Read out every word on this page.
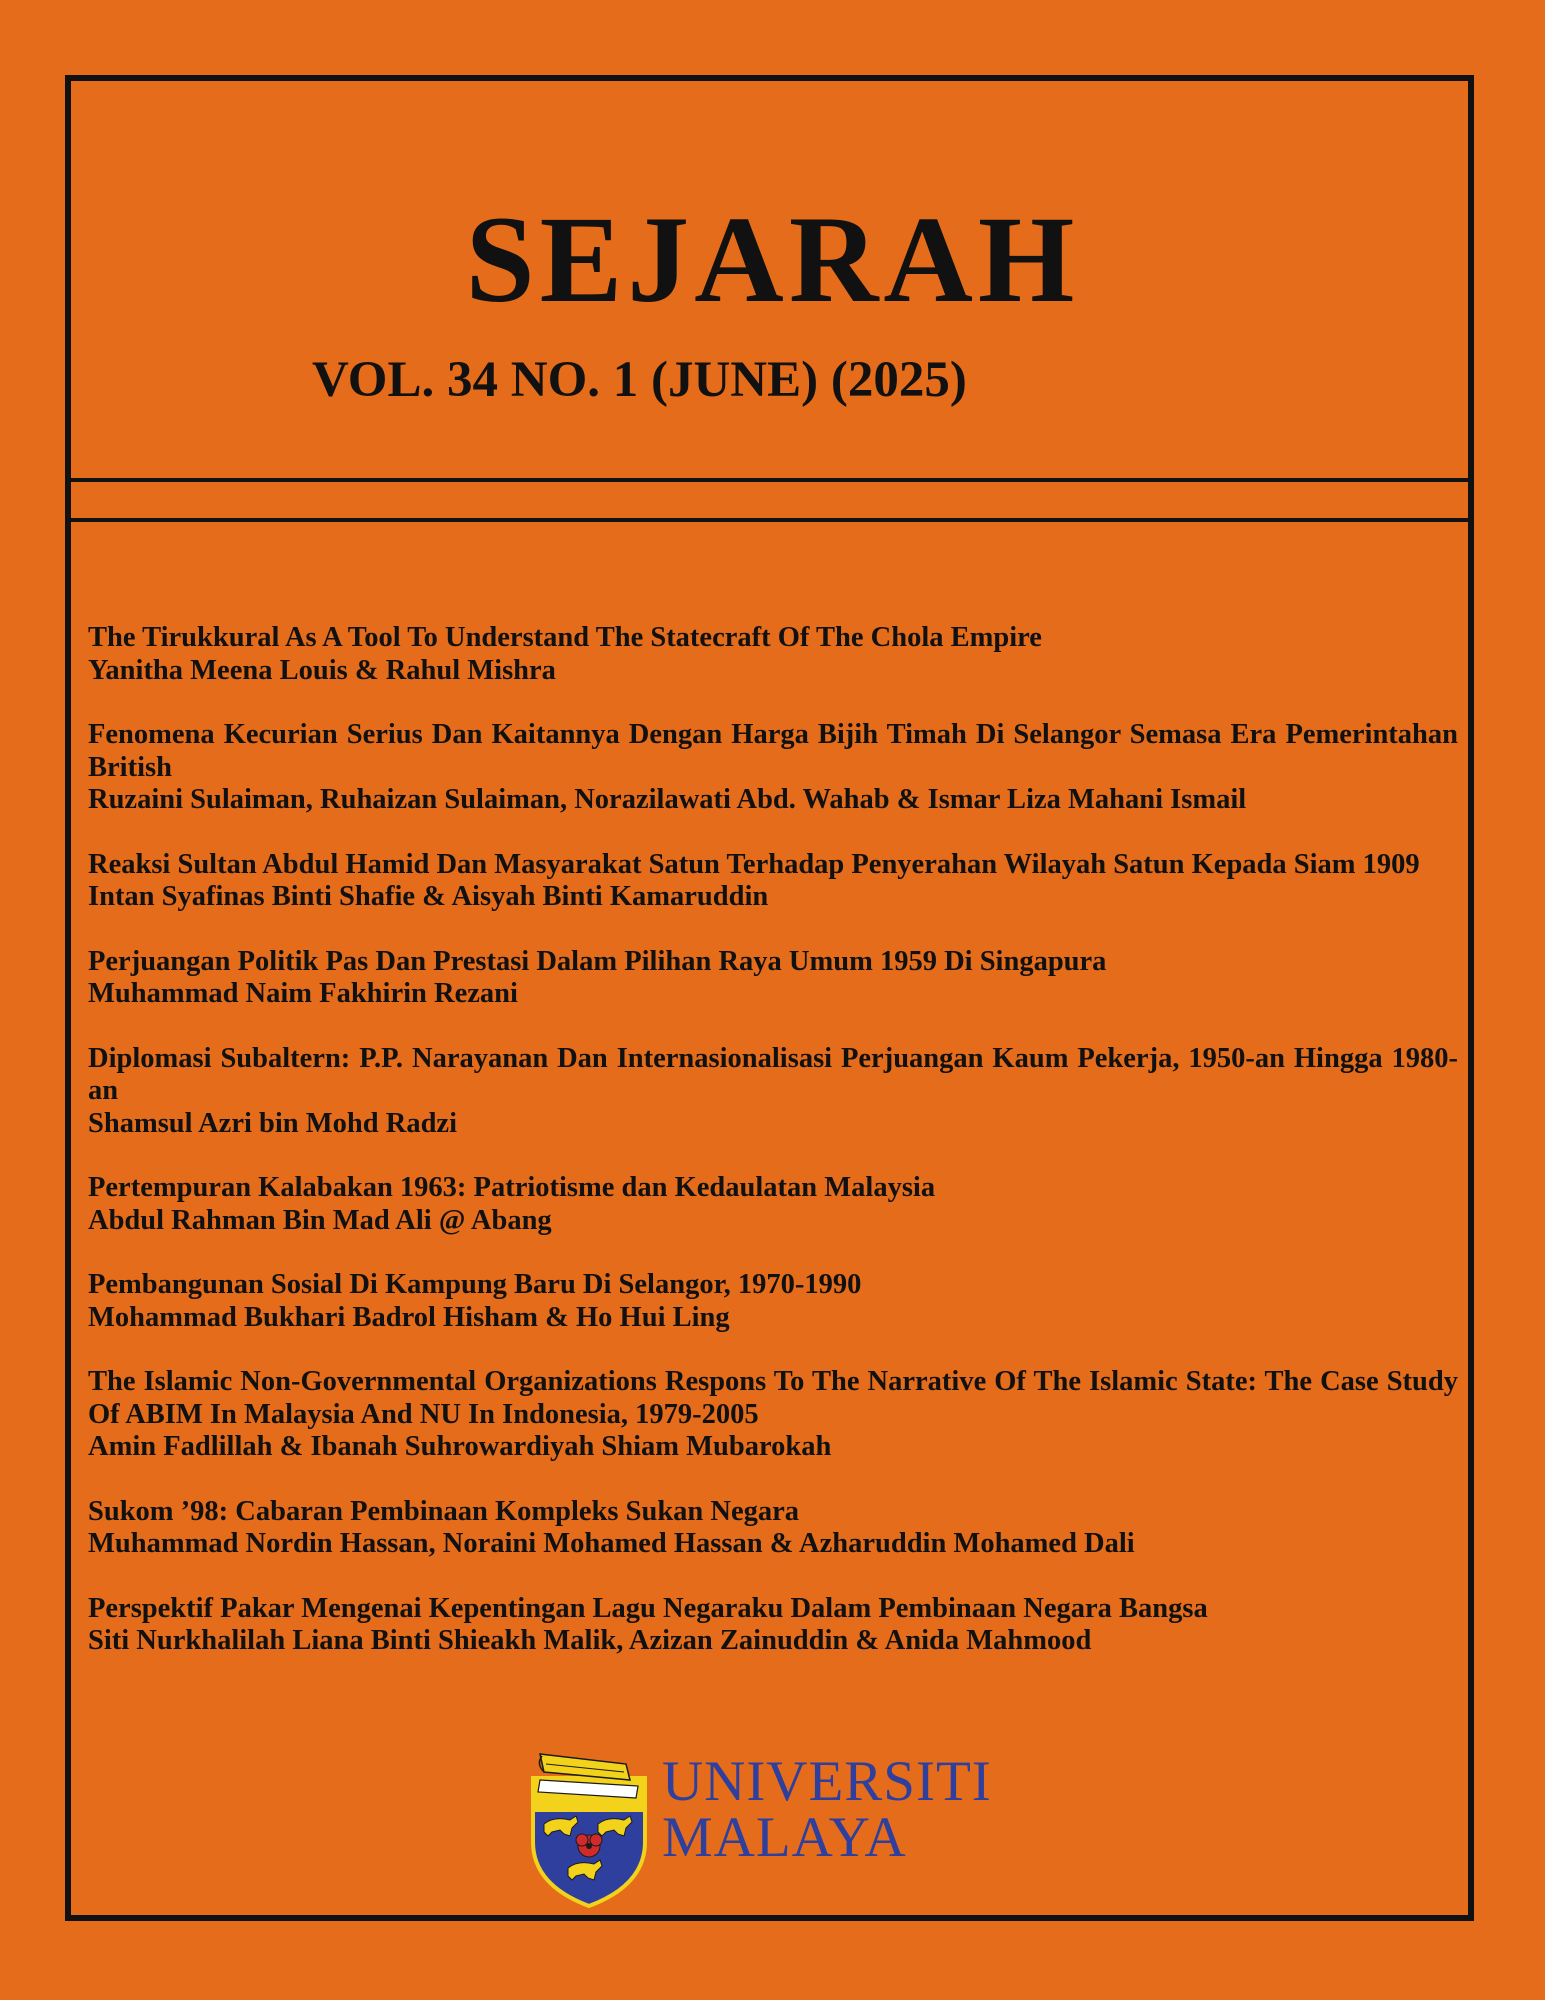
SEJARAH
VOL. 34 NO. 1 (JUNE) (2025)
The Tirukkural As A Tool To Understand The Statecraft Of The Chola Empire
Yanitha Meena Louis & Rahul Mishra
Fenomena Kecurian Serius Dan Kaitannya Dengan Harga Bijih Timah Di Selangor Semasa Era Pemerintahan British
Ruzaini Sulaiman, Ruhaizan Sulaiman, Norazilawati Abd. Wahab & Ismar Liza Mahani Ismail
Reaksi Sultan Abdul Hamid Dan Masyarakat Satun Terhadap Penyerahan Wilayah Satun Kepada Siam 1909
Intan Syafinas Binti Shafie & Aisyah Binti Kamaruddin
Perjuangan Politik Pas Dan Prestasi Dalam Pilihan Raya Umum 1959 Di Singapura
Muhammad Naim Fakhirin Rezani
Diplomasi Subaltern: P.P. Narayanan Dan Internasionalisasi Perjuangan Kaum Pekerja, 1950-an Hingga 1980-an
Shamsul Azri bin Mohd Radzi
Pertempuran Kalabakan 1963: Patriotisme dan Kedaulatan Malaysia
Abdul Rahman Bin Mad Ali @ Abang
Pembangunan Sosial Di Kampung Baru Di Selangor, 1970-1990
Mohammad Bukhari Badrol Hisham & Ho Hui Ling
The Islamic Non-Governmental Organizations Respons To The Narrative Of The Islamic State: The Case Study Of ABIM In Malaysia And NU In Indonesia, 1979-2005
Amin Fadlillah & Ibanah Suhrowardiyah Shiam Mubarokah
Sukom ’98: Cabaran Pembinaan Kompleks Sukan Negara
Muhammad Nordin Hassan, Noraini Mohamed Hassan & Azharuddin Mohamed Dali
Perspektif Pakar Mengenai Kepentingan Lagu Negaraku Dalam Pembinaan Negara Bangsa
Siti Nurkhalilah Liana Binti Shieakh Malik, Azizan Zainuddin & Anida Mahmood
UNIVERSITI
MALAYA
